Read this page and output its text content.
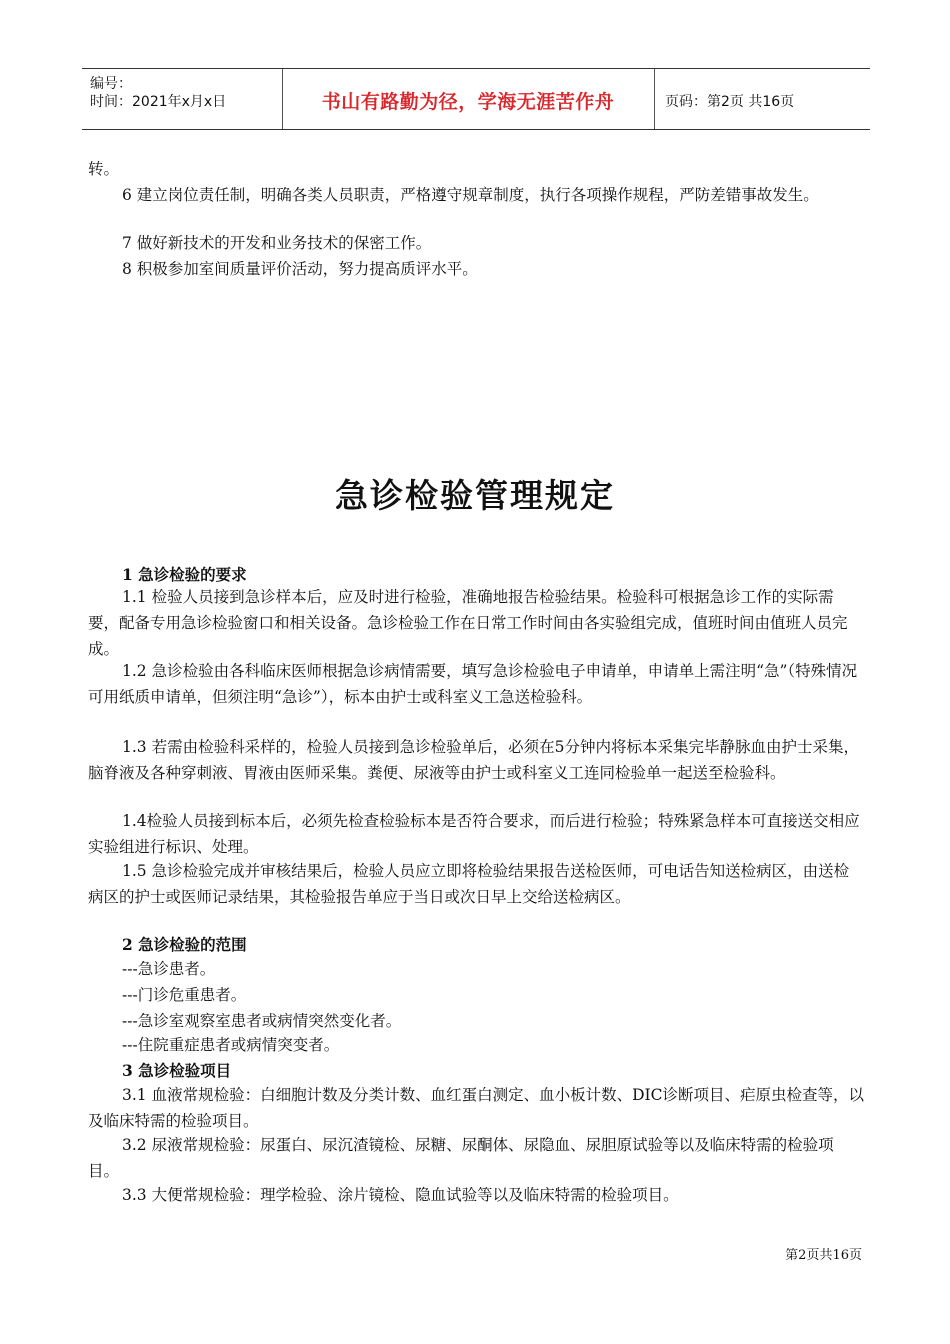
编号：
时间：2021年x月x日	书山有路勤为径，学海无涯苦作舟	页码：第2页 共16页

转。

6 建立岗位责任制，明确各类人员职责，严格遵守规章制度，执行各项操作规程，严防差错事故发生。

7 做好新技术的开发和业务技术的保密工作。

8 积极参加室间质量评价活动，努力提高质评水平。

急诊检验管理规定

1 急诊检验的要求

1.1 检验人员接到急诊样本后，应及时进行检验，准确地报告检验结果。检验科可根据急诊工作的实际需要，配备专用急诊检验窗口和相关设备。急诊检验工作在日常工作时间由各实验组完成，值班时间由值班人员完成。

1.2 急诊检验由各科临床医师根据急诊病情需要，填写急诊检验电子申请单，申请单上需注明“急”（特殊情况可用纸质申请单，但须注明“急诊”），标本由护士或科室义工急送检验科。

1.3 若需由检验科采样的，检验人员接到急诊检验单后，必须在5分钟内将标本采集完毕静脉血由护士采集，脑脊液及各种穿刺液、胃液由医师采集。粪便、尿液等由护士或科室义工连同检验单一起送至检验科。

1.4检验人员接到标本后，必须先检查检验标本是否符合要求，而后进行检验；特殊紧急样本可直接送交相应实验组进行标识、处理。

1.5 急诊检验完成并审核结果后，检验人员应立即将检验结果报告送检医师，可电话告知送检病区，由送检病区的护士或医师记录结果，其检验报告单应于当日或次日早上交给送检病区。

2 急诊检验的范围

---急诊患者。

---门诊危重患者。

---急诊室观察室患者或病情突然变化者。

---住院重症患者或病情突变者。

3 急诊检验项目

3.1 血液常规检验：白细胞计数及分类计数、血红蛋白测定、血小板计数、DIC诊断项目、疟原虫检查等，以及临床特需的检验项目。

3.2 尿液常规检验：尿蛋白、尿沉渣镜检、尿糖、尿酮体、尿隐血、尿胆原试验等以及临床特需的检验项目。

3.3 大便常规检验：理学检验、涂片镜检、隐血试验等以及临床特需的检验项目。

第2页共16页
